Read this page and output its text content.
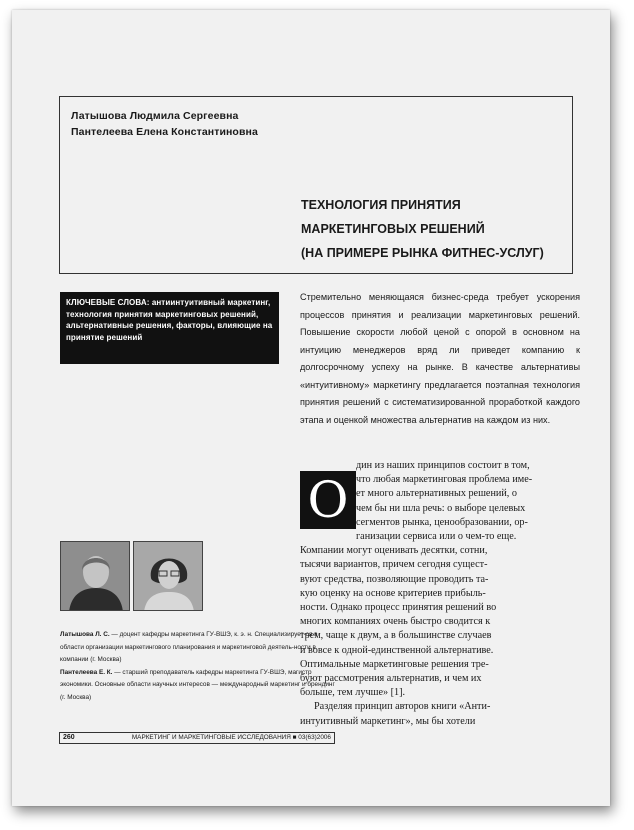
Латышова Людмила Сергеевна
Пантелеева Елена Константиновна
ТЕХНОЛОГИЯ ПРИНЯТИЯ
МАРКЕТИНГОВЫХ РЕШЕНИЙ
(НА ПРИМЕРЕ РЫНКА ФИТНЕС-УСЛУГ)
КЛЮЧЕВЫЕ СЛОВА: антиинтуитивный маркетинг, технология принятия маркетинговых решений, альтернативные решения, факторы, влияющие на принятие решений
Стремительно меняющаяся бизнес-среда требует ускорения процессов принятия и реализации маркетинговых решений. Повышение скорости любой ценой с опорой в основном на интуицию менеджеров вряд ли приведет компанию к долгосрочному успеху на рынке. В качестве альтернативы «интуитивному» маркетингу предлагается поэтапная технология принятия решений с систематизированной проработкой каждого этапа и оценкой множества альтернатив на каждом из них.
О
дин из наших принципов состоит в том,
что любая маркетинговая проблема име-
ет много альтернативных решений, о
чем бы ни шла речь: о выборе целевых
сегментов рынка, ценообразовании, ор-
ганизации сервиса или о чем-то еще.
Компании могут оценивать десятки, сотни,
тысячи вариантов, причем сегодня сущест-
вуют средства, позволяющие проводить та-
кую оценку на основе критериев прибыль-
ности. Однако процесс принятия решений во
многих компаниях очень быстро сводится к
трем, чаще к двум, а в большинстве случаев
и вовсе к одной-единственной альтернативе.
Оптимальные маркетинговые решения тре-
буют рассмотрения альтернатив, и чем их
больше, тем лучше» [1].
Разделяя принцип авторов книги «Анти-
интуитивный маркетинг», мы бы хотели
Латышова Л. С. — доцент кафедры маркетинга ГУ-ВШЭ, к. э. н. Специализирует-ся в области организации маркетингового планирования и маркетинговой деятель-ности в компании (г. Москва)
Пантелеева Е. К. — старший преподаватель кафедры маркетинга ГУ-ВШЭ, магистр экономики. Основные области научных интересов — международный маркетинг и брендинг (г. Москва)
260	МАРКЕТИНГ И МАРКЕТИНГОВЫЕ ИССЛЕДОВАНИЯ ■ 03(63)2006
